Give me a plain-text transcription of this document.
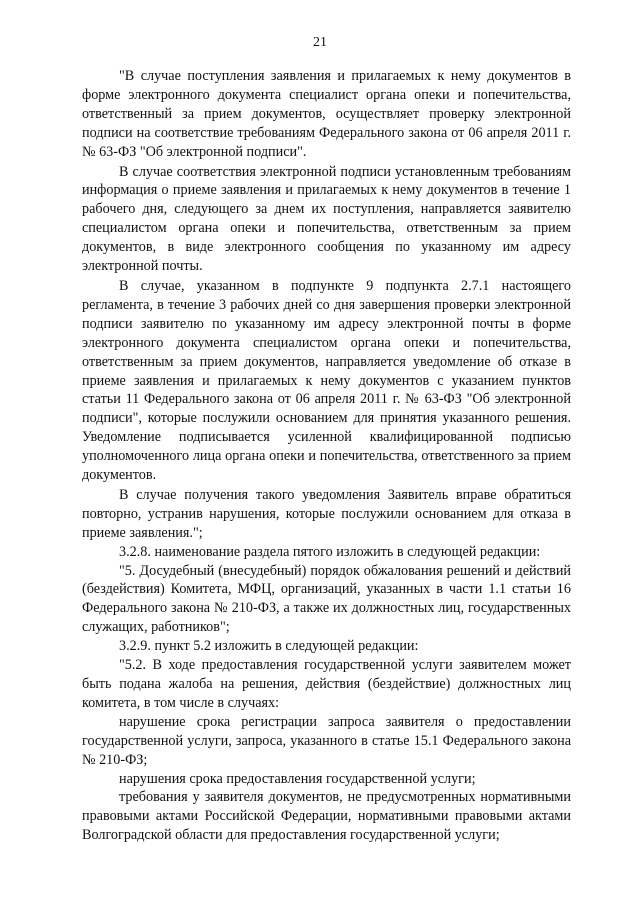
21

"В случае поступления заявления и прилагаемых к нему документов в форме электронного документа специалист органа опеки и попечительства, ответственный за прием документов, осуществляет проверку электронной подписи на соответствие требованиям Федерального закона от 06 апреля 2011 г. № 63-ФЗ "Об электронной подписи".

В случае соответствия электронной подписи установленным требованиям информация о приеме заявления и прилагаемых к нему документов в течение 1 рабочего дня, следующего за днем их поступления, направляется заявителю специалистом органа опеки и попечительства, ответственным за прием документов, в виде электронного сообщения по указанному им адресу электронной почты.

В случае, указанном в подпункте 9 подпункта 2.7.1 настоящего регламента, в течение 3 рабочих дней со дня завершения проверки электронной подписи заявителю по указанному им адресу электронной почты в форме электронного документа специалистом органа опеки и попечительства, ответственным за прием документов, направляется уведомление об отказе в приеме заявления и прилагаемых к нему документов с указанием пунктов статьи 11 Федерального закона от 06 апреля 2011 г. № 63-ФЗ "Об электронной подписи", которые послужили основанием для принятия указанного решения. Уведомление подписывается усиленной квалифицированной подписью уполномоченного лица органа опеки и попечительства, ответственного за прием документов.

В случае получения такого уведомления Заявитель вправе обратиться повторно, устранив нарушения, которые послужили основанием для отказа в приеме заявления.";

3.2.8. наименование раздела пятого изложить в следующей редакции:

"5. Досудебный (внесудебный) порядок обжалования решений и действий (бездействия) Комитета, МФЦ, организаций, указанных в части 1.1 статьи 16 Федерального закона № 210-ФЗ, а также их должностных лиц, государственных служащих, работников";

3.2.9. пункт 5.2 изложить в следующей редакции:

"5.2. В ходе предоставления государственной услуги заявителем может быть подана жалоба на решения, действия (бездействие) должностных лиц комитета, в том числе в случаях:

нарушение срока регистрации запроса заявителя о предоставлении государственной услуги, запроса, указанного в статье 15.1 Федерального закона № 210-ФЗ;

нарушения срока предоставления государственной услуги;

требования у заявителя документов, не предусмотренных нормативными правовыми актами Российской Федерации, нормативными правовыми актами Волгоградской области для предоставления государственной услуги;
